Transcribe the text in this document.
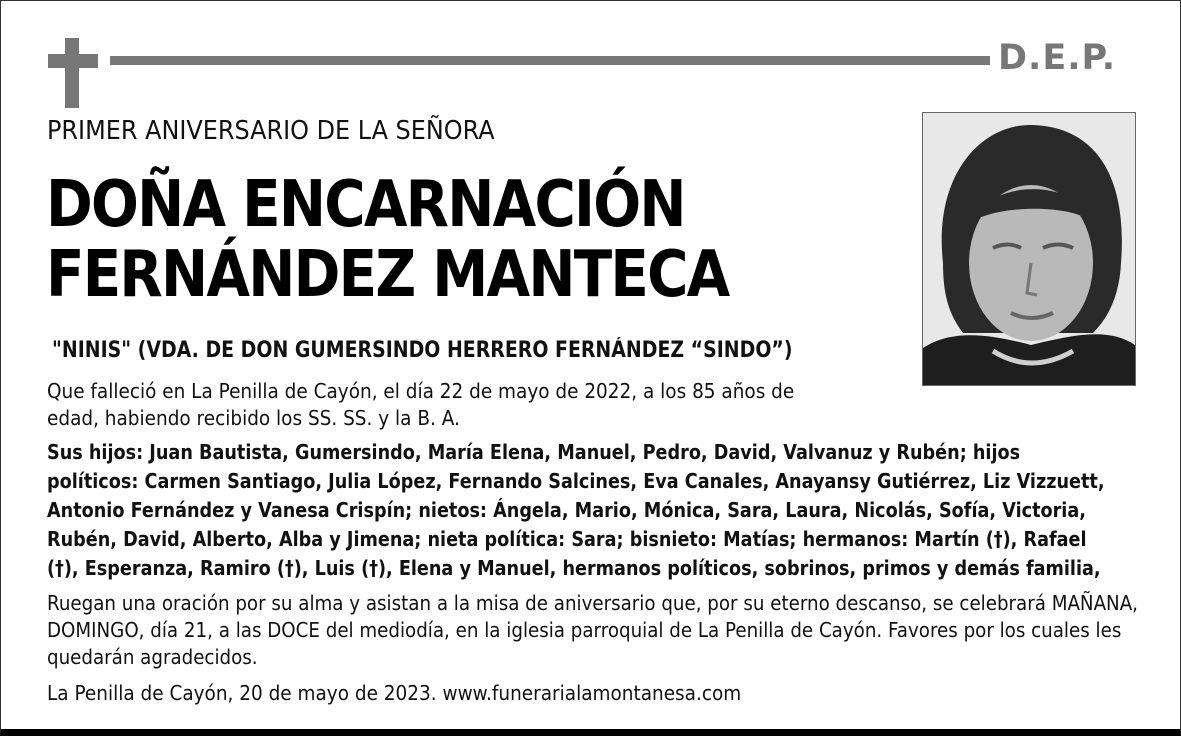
D.E.P.
PRIMER ANIVERSARIO DE LA SEÑORA
DOÑA ENCARNACIÓN
FERNÁNDEZ MANTECA
"NINIS" (VDA. DE DON GUMERSINDO HERRERO FERNÁNDEZ “SINDO”)
Que falleció en La Penilla de Cayón, el día 22 de mayo de 2022, a los 85 años de edad, habiendo recibido los SS. SS. y la B. A.
Sus hijos: Juan Bautista, Gumersindo, María Elena, Manuel, Pedro, David, Valvanuz y Rubén; hijos políticos: Carmen Santiago, Julia López, Fernando Salcines, Eva Canales, Anayansy Gutiérrez, Liz Vizzuett, Antonio Fernández y Vanesa Crispín; nietos: Ángela, Mario, Mónica, Sara, Laura, Nicolás, Sofía, Victoria, Rubén, David, Alberto, Alba y Jimena; nieta política: Sara; bisnieto: Matías; hermanos: Martín (†), Rafael (†), Esperanza, Ramiro (†), Luis (†), Elena y Manuel, hermanos políticos, sobrinos, primos y demás familia,
Ruegan una oración por su alma y asistan a la misa de aniversario que, por su eterno descanso, se celebrará MAÑANA, DOMINGO, día 21, a las DOCE del mediodía, en la iglesia parroquial de La Penilla de Cayón. Favores por los cuales les quedarán agradecidos.
La Penilla de Cayón, 20 de mayo de 2023. www.funerarialamontanesa.com
